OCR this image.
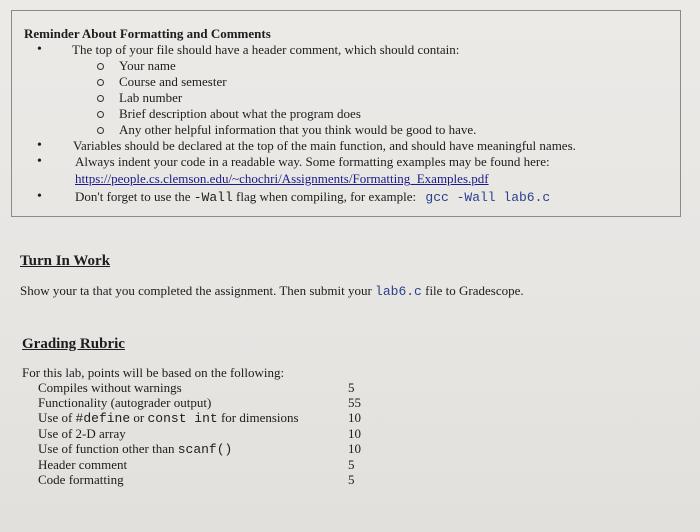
Reminder About Formatting and Comments
• The top of your file should have a header comment, which should contain:
Your name
Course and semester
Lab number
Brief description about what the program does
Any other helpful information that you think would be good to have.
• Variables should be declared at the top of the main function, and should have meaningful names.
•	Always indent your code in a readable way. Some formatting examples may be found here:
https://people.cs.clemson.edu/~chochri/Assignments/Formatting_Examples.pdf
•	Don't forget to use the -Wall flag when compiling, for example: gcc -Wall lab6.c
Turn In Work
Show your ta that you completed the assignment. Then submit your lab6.c file to Gradescope.
Grading Rubric
For this lab, points will be based on the following:
Compiles without warnings	5
Functionality (autograder output)	55
Use of #define or const int for dimensions	10
Use of 2-D array	10
Use of function other than scanf()	10
Header comment	5
Code formatting	5
